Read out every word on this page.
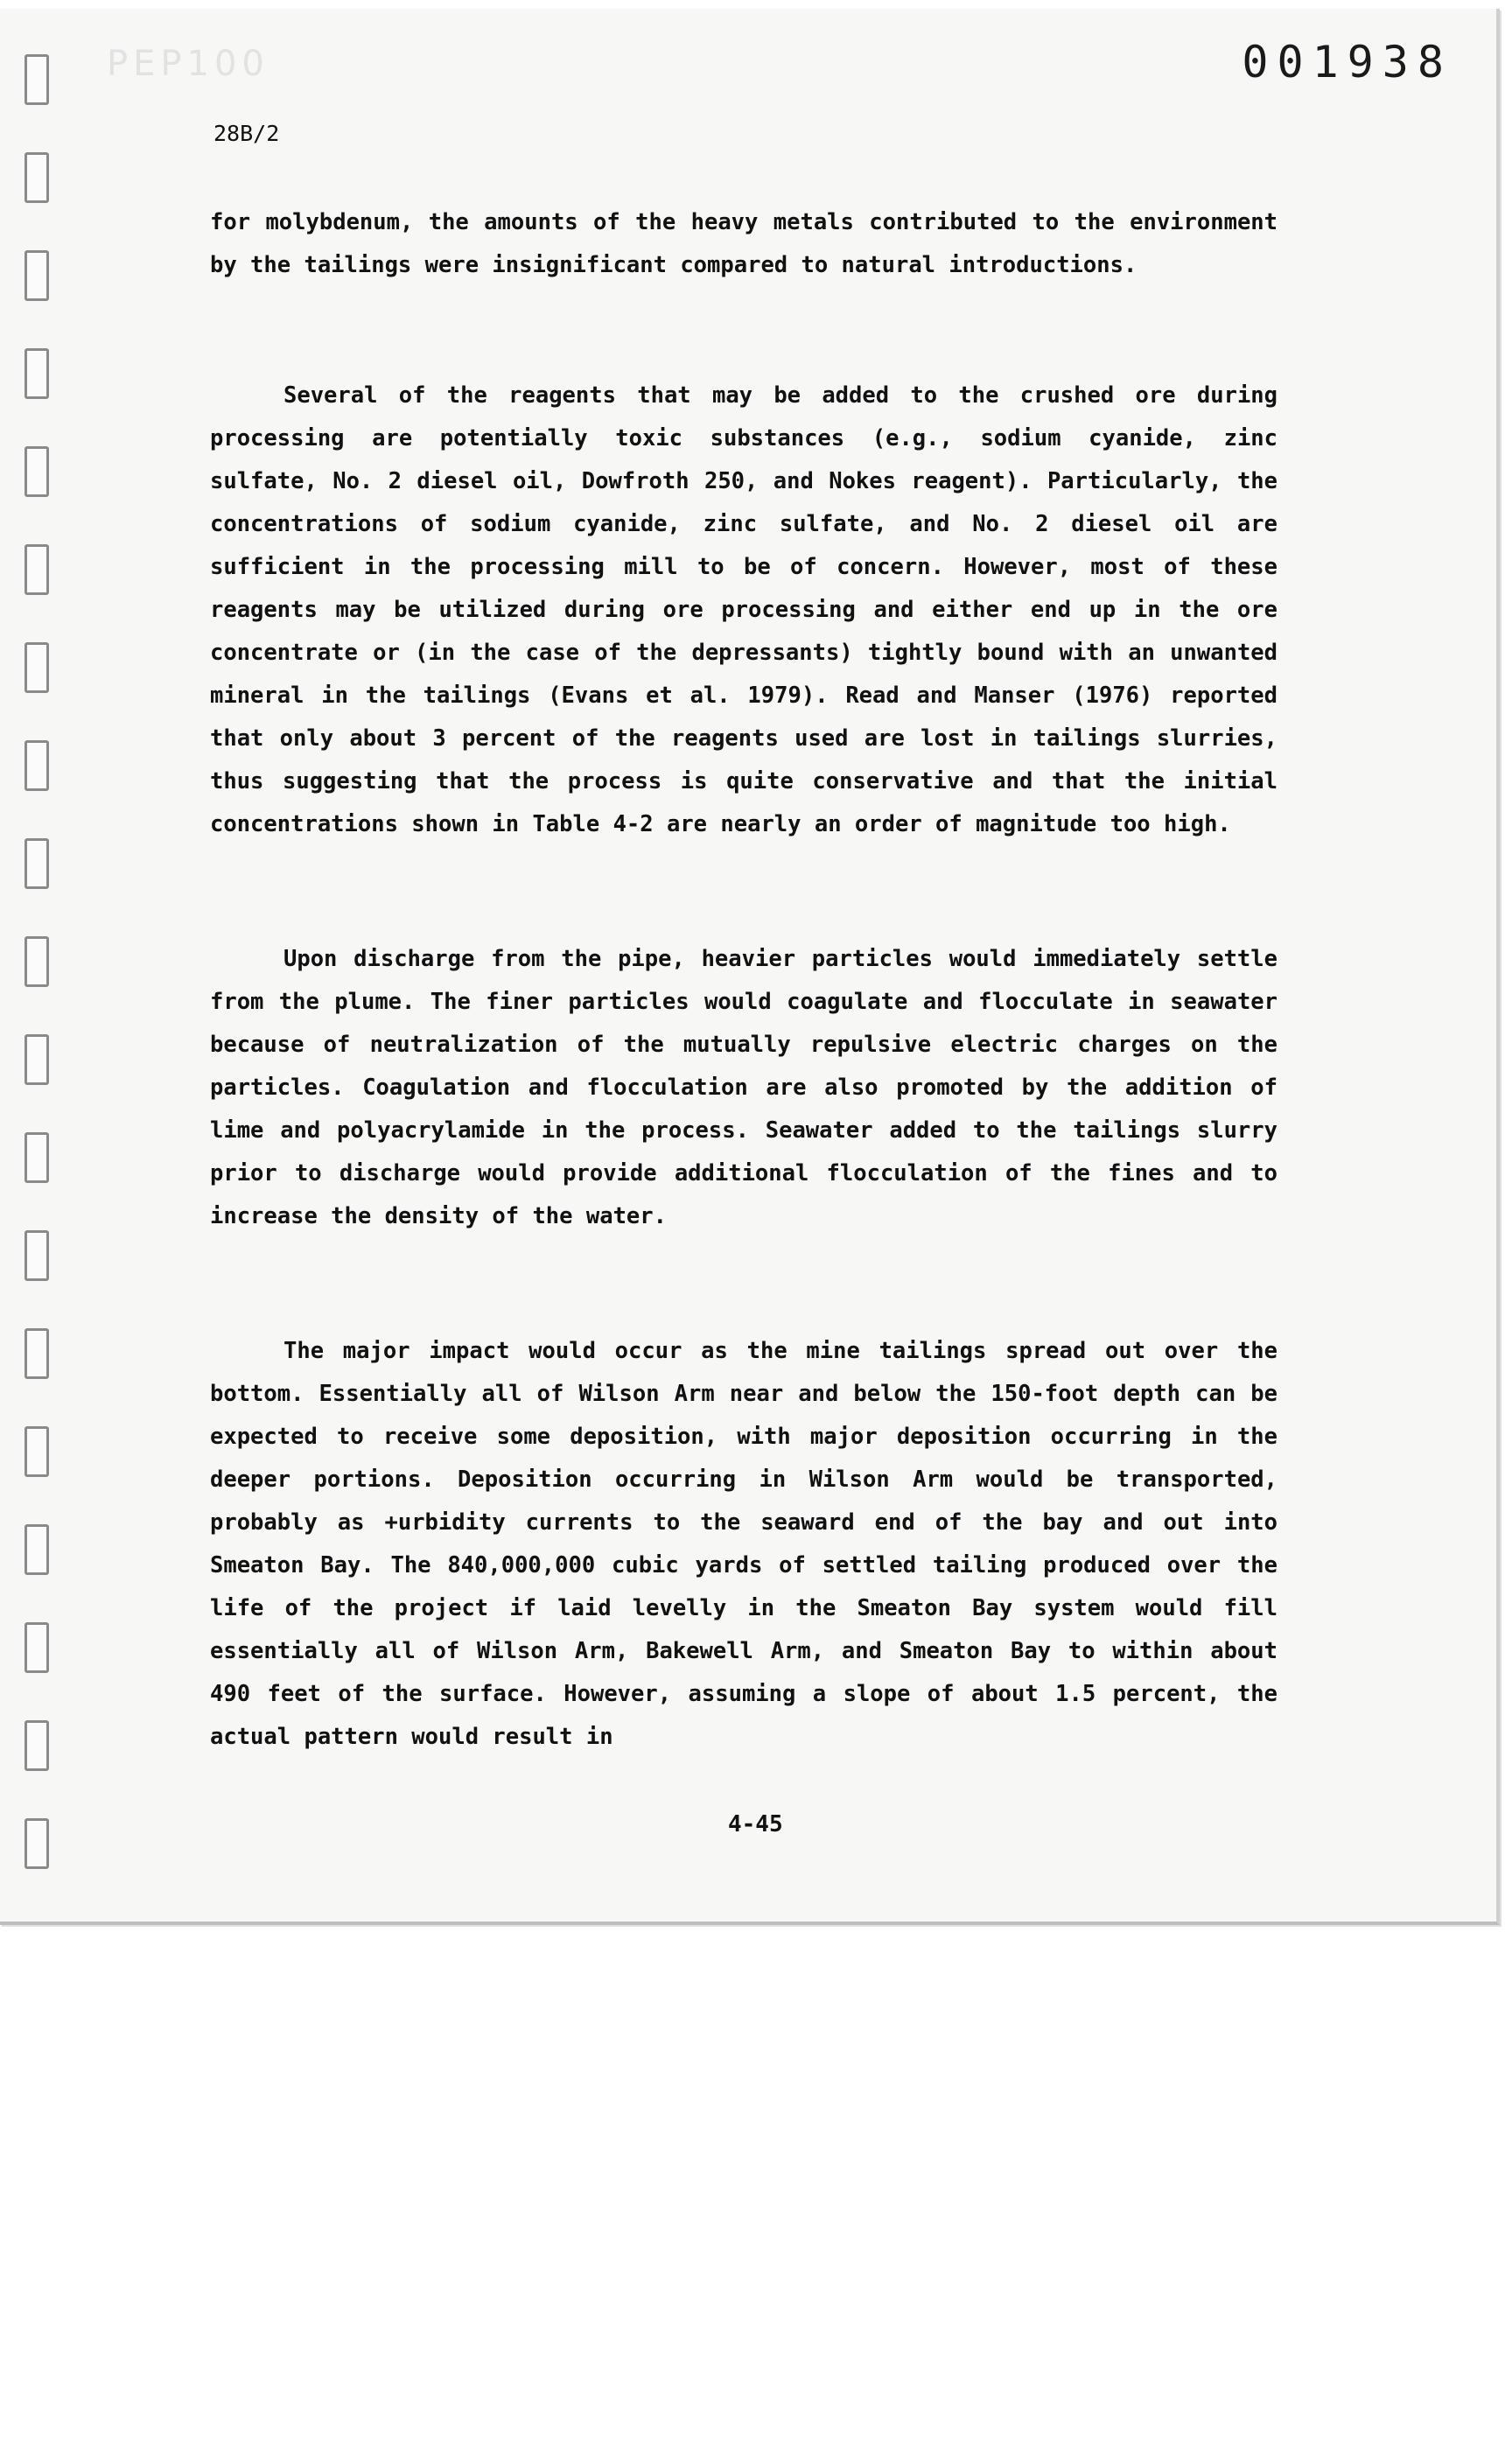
PEP100	001938
28B/2

for molybdenum, the amounts of the heavy metals contributed to the environment by the tailings were insignificant compared to natural introductions.

Several of the reagents that may be added to the crushed ore during processing are potentially toxic substances (e.g., sodium cyanide, zinc sulfate, No. 2 diesel oil, Dowfroth 250, and Nokes reagent). Particularly, the concentrations of sodium cyanide, zinc sulfate, and No. 2 diesel oil are sufficient in the processing mill to be of concern. However, most of these reagents may be utilized during ore processing and either end up in the ore concentrate or (in the case of the depressants) tightly bound with an unwanted mineral in the tailings (Evans et al. 1979). Read and Manser (1976) reported that only about 3 percent of the reagents used are lost in tailings slurries, thus suggesting that the process is quite conservative and that the initial concentrations shown in Table 4-2 are nearly an order of magnitude too high.

Upon discharge from the pipe, heavier particles would immediately settle from the plume. The finer particles would coagulate and flocculate in seawater because of neutralization of the mutually repulsive electric charges on the particles. Coagulation and flocculation are also promoted by the addition of lime and polyacrylamide in the process. Seawater added to the tailings slurry prior to discharge would provide additional flocculation of the fines and to increase the density of the water.

The major impact would occur as the mine tailings spread out over the bottom. Essentially all of Wilson Arm near and below the 150-foot depth can be expected to receive some deposition, with major deposition occurring in the deeper portions. Deposition occurring in Wilson Arm would be transported, probably as +urbidity currents to the seaward end of the bay and out into Smeaton Bay. The 840,000,000 cubic yards of settled tailing produced over the life of the project if laid levelly in the Smeaton Bay system would fill essentially all of Wilson Arm, Bakewell Arm, and Smeaton Bay to within about 490 feet of the surface. However, assuming a slope of about 1.5 percent, the actual pattern would result in

4-45
